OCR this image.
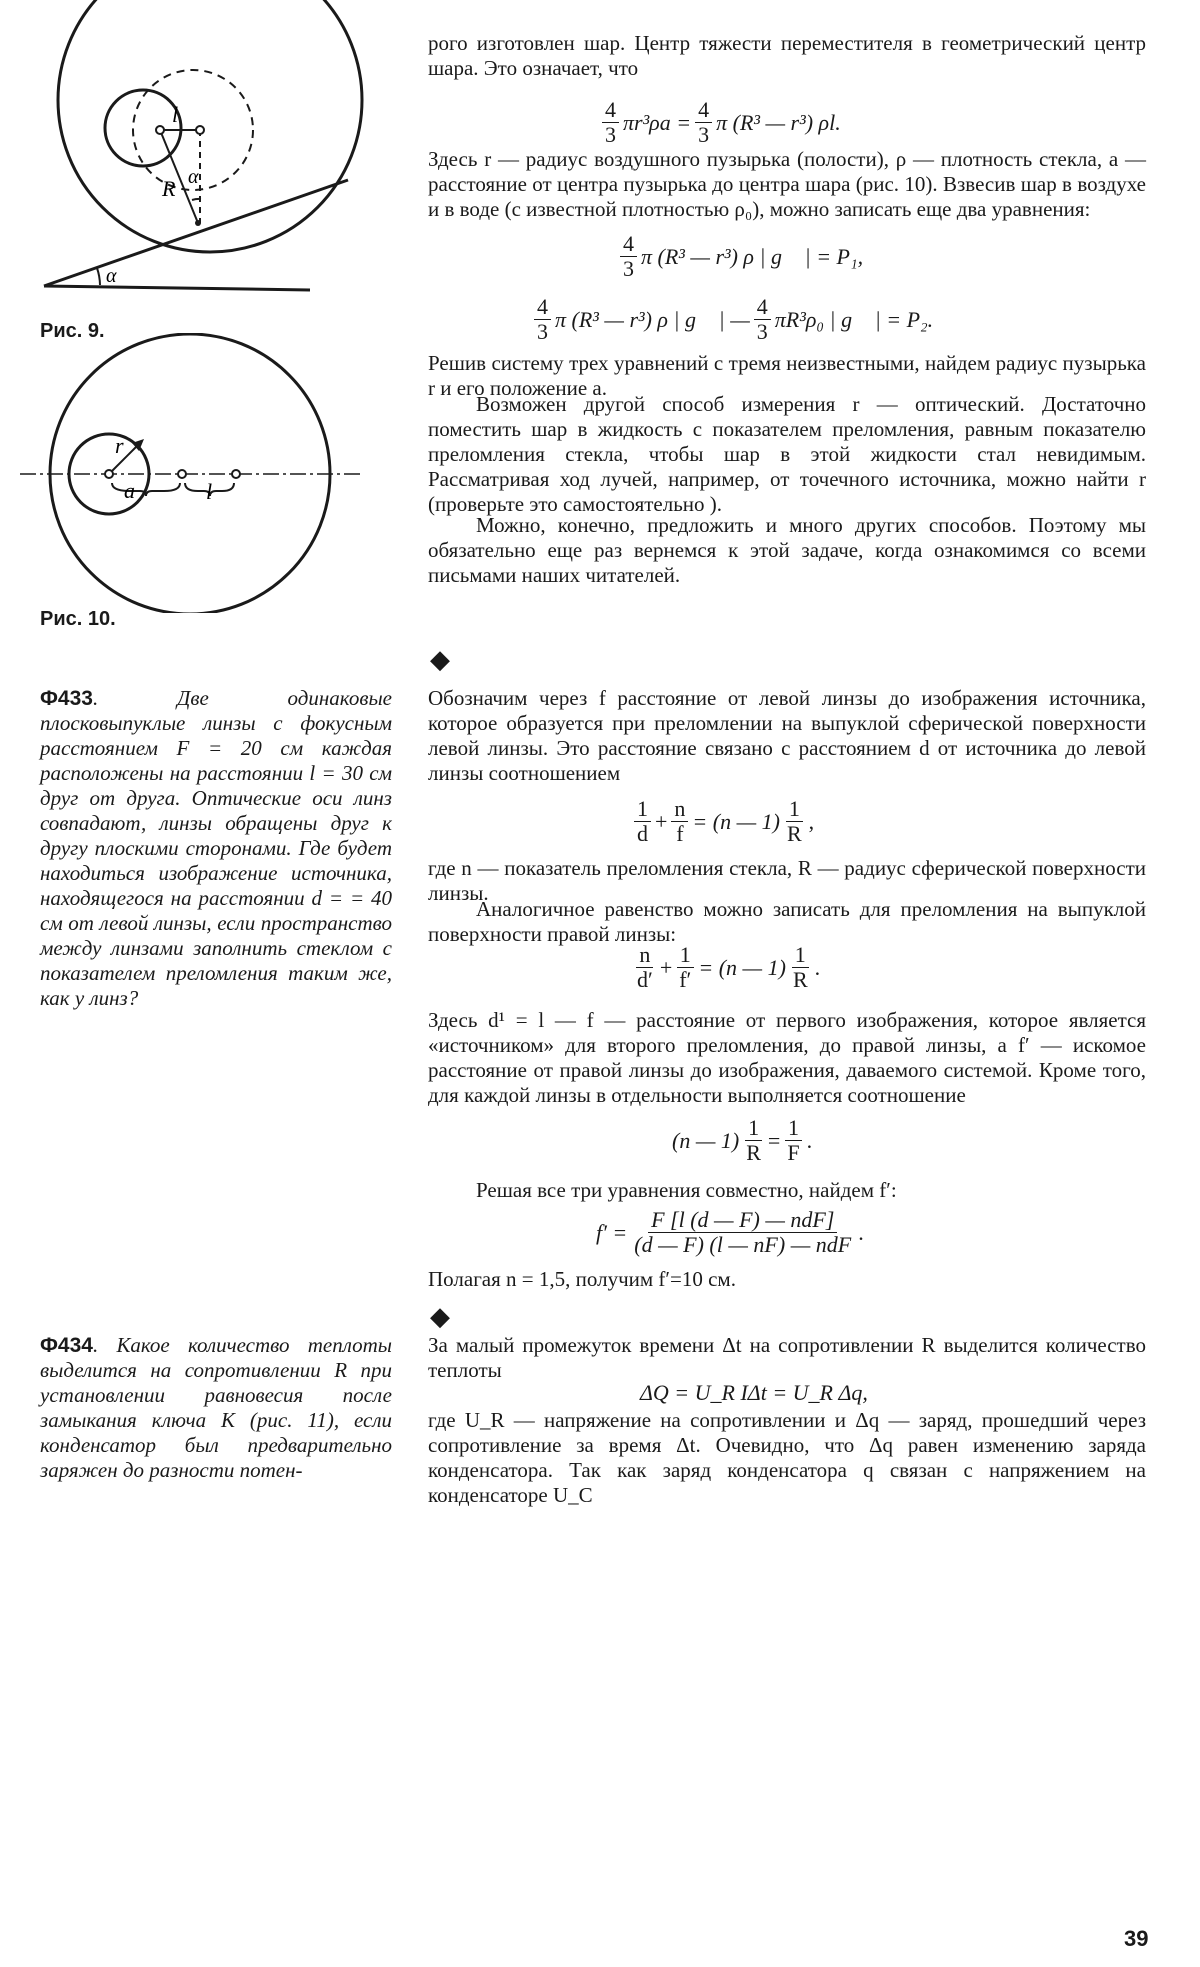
l
α
R
α
Рис. 9.
r
a	l
Рис. 10.
рого изготовлен шар. Центр тяжести переместителя в геометрический центр шара. Это означает, что
$\frac{4}{3} \pi r^3\rho a = \frac{4}{3}$ π (R³ — r³) ρl.
Здесь r — радиус воздушного пузырька (полости), ρ — плотность стекла, a — расстояние от центра пузырька до центра шара (рис. 10). Взвесив шар в воздухе и в воде (с известной плотностью ρ₀), можно записать еще два уравнения:
$\frac{4}{3}$ π (R³ — r³) ρ | g⃗ | = P₁,
$\frac{4}{3}$ π (R³ — r³) ρ | g⃗ | — $\frac{4}{3} \pi R^3\rho_0$ | g⃗ | = P₂.
Решив систему трех уравнений с тремя неизвестными, найдем радиус пузырька r и его положение a.
Возможен другой способ измерения r — оптический. Достаточно поместить шар в жидкость с показателем преломления, равным показателю преломления стекла, чтобы шар в этой жидкости стал невидимым. Рассматривая ход лучей, например, от точечного источника, можно найти r (проверьте это самостоятельно ).
Можно, конечно, предложить и много других способов. Поэтому мы обязательно еще раз вернемся к этой задаче, когда ознакомимся со всеми письмами наших читателей.
◆
Ф433. Две одинаковые плосковыпуклые линзы с фокусным расстоянием F = 20 см каждая расположены на расстоянии l = 30 см друг от друга. Оптические оси линз совпадают, линзы обращены друг к другу плоскими сторонами. Где будет находиться изображение источника, находящегося на расстоянии d = = 40 см от левой линзы, если пространство между линзами заполнить стеклом с показателем преломления таким же, как у линз?
Обозначим через f расстояние от левой линзы до изображения источника, которое образуется при преломлении на выпуклой сферической поверхности левой линзы. Это расстояние связано с расстоянием d от источника до левой линзы соотношением
$\frac{1}{d} + \frac{n}{f} = (n$ — $1) \frac{1}{R}$ ,
где n — показатель преломления стекла, R — радиус сферической поверхности линзы.
Аналогичное равенство можно записать для преломления на выпуклой поверхности правой линзы:
$\frac{n}{d'} + \frac{1}{f'} = (n$ — $1) \frac{1}{R}$ .
Здесь d¹ = l — f — расстояние от первого изображения, которое является «источником» для второго преломления, до правой линзы, а f′ — искомое расстояние от правой линзы до изображения, даваемого системой. Кроме того, для каждой линзы в отдельности выполняется соотношение
(n — $1) \frac{1}{R} = \frac{1}{F}$ .
Решая все три уравнения совместно, найдем f′:
$f' = \frac{\text{F [l (d — F) — ndF]}}{\text{(d — F) (l — nF) — ndF}}$ .
Полагая n = 1,5, получим f′=10 см.
◆
Ф434. Какое количество теплоты выделится на сопротивлении R при установлении равновесия после замыкания ключа K (рис. 11), если конденсатор был предварительно заряжен до разности потен-
За малый промежуток времени Δt на сопротивлении R выделится количество теплоты
ΔQ = U_R IΔt = U_R Δq,
где U_R — напряжение на сопротивлении и Δq — заряд, прошедший через сопротивление за время Δt. Очевидно, что Δq равен изменению заряда конденсатора. Так как заряд конденсатора q связан с напряжением на конденсаторе U_C
39
